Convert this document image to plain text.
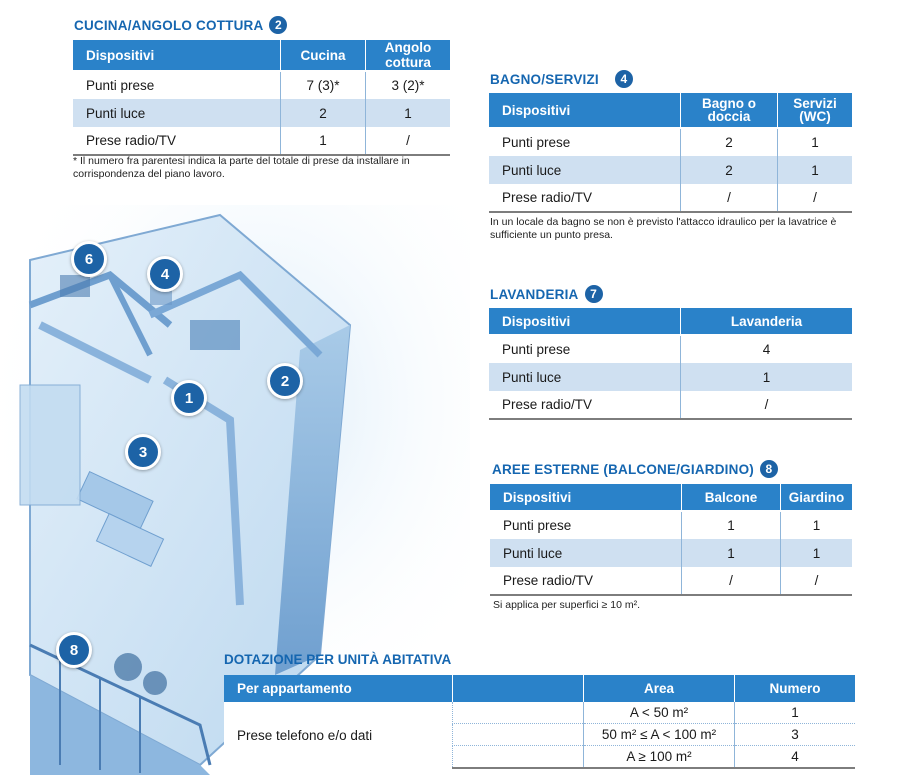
CUCINA/ANGOLO COTTURA 2
Dispositivi	Cucina	Angolo cottura
Punti prese	7 (3)*	3 (2)*
Punti luce	2	1
Prese radio/TV	1	/
* Il numero fra parentesi indica la parte del totale di prese da installare in corrispondenza del piano lavoro.
BAGNO/SERVIZI	4
Dispositivi	Bagno o doccia	Servizi (WC)
Punti prese	2	1
Punti luce	2	1
Prese radio/TV	/	/
In un locale da bagno se non è previsto l'attacco idraulico per la lavatrice è sufficiente un punto presa.
LAVANDERIA 7
Dispositivi	Lavanderia
Punti prese	4
Punti luce	1
Prese radio/TV	/
AREE ESTERNE (BALCONE/GIARDINO) 8
Dispositivi	Balcone	Giardino
Punti prese	1	1
Punti luce	1	1
Prese radio/TV	/	/
Si applica per superfici ≥ 10 m².
6
4
2
1
3
8
DOTAZIONE PER UNITÀ ABITATIVA
Per appartamento		Area	Numero
Prese telefono e/o dati		A < 50 m²	1
		50 m² ≤ A < 100 m²	3
		A ≥ 100 m²	4
